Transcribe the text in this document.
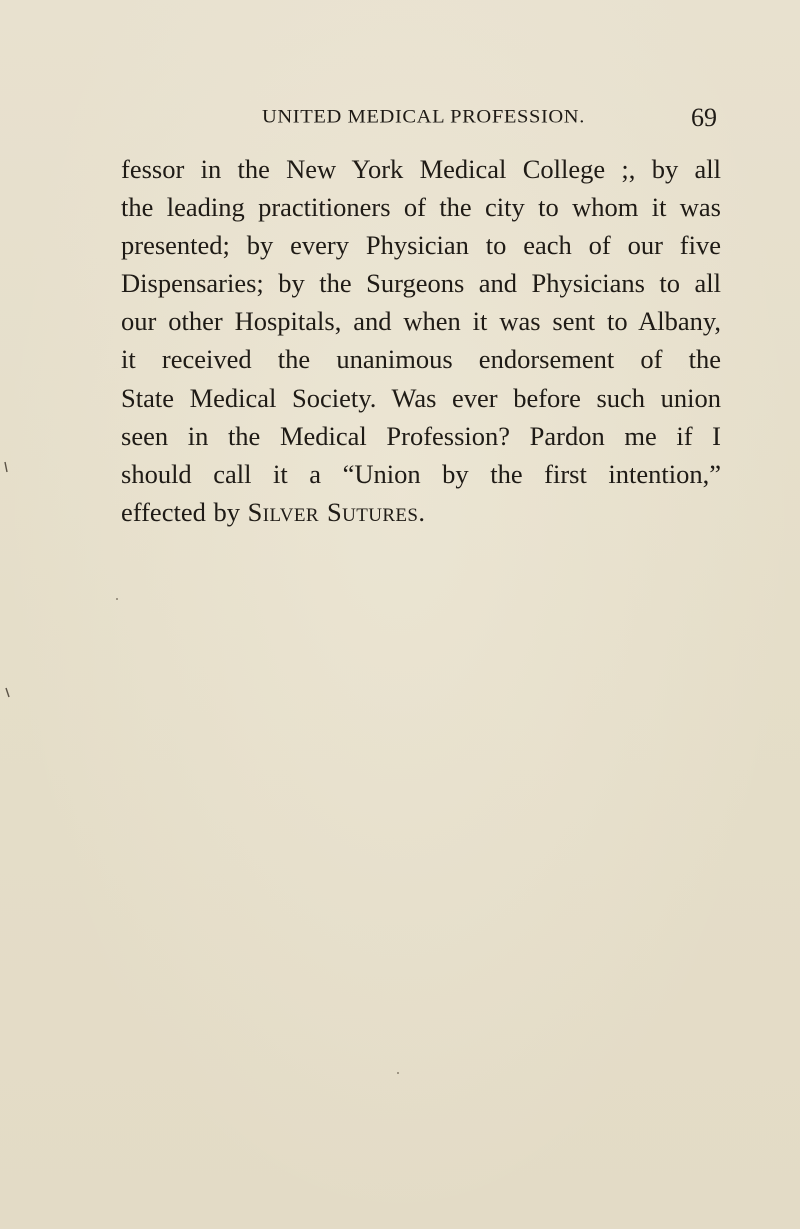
UNITED MEDICAL PROFESSION.	69
fessor in the New York Medical College ;, by all
the leading practitioners of the city to whom it was
presented; by every Physician to each of our five
Dispensaries; by the Surgeons and Physicians to all
our other Hospitals, and when it was sent to Albany,
it received the unanimous endorsement of the
State Medical Society. Was ever before such union
seen in the Medical Profession? Pardon me if I
should call it a “Union by the first intention,”
effected by Silver Sutures.
